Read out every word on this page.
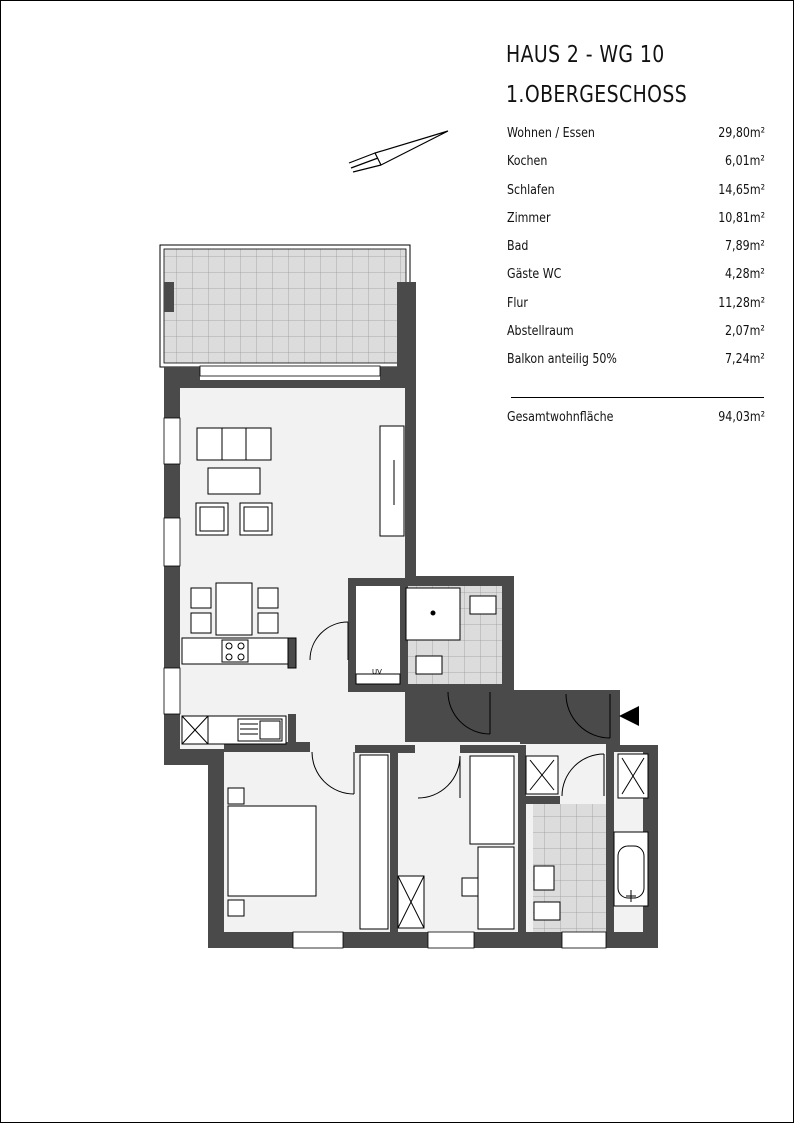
HAUS 2 - WG 10
1.OBERGESCHOSS
Wohnen / Essen	29,80m²
Kochen	6,01m²
Schlafen	14,65m²
Zimmer	10,81m²
Bad	7,89m²
Gäste WC	4,28m²
Flur	11,28m²
Abstellraum	2,07m²
Balkon anteilig 50%	7,24m²
Gesamtwohnfläche	94,03m²
UV
